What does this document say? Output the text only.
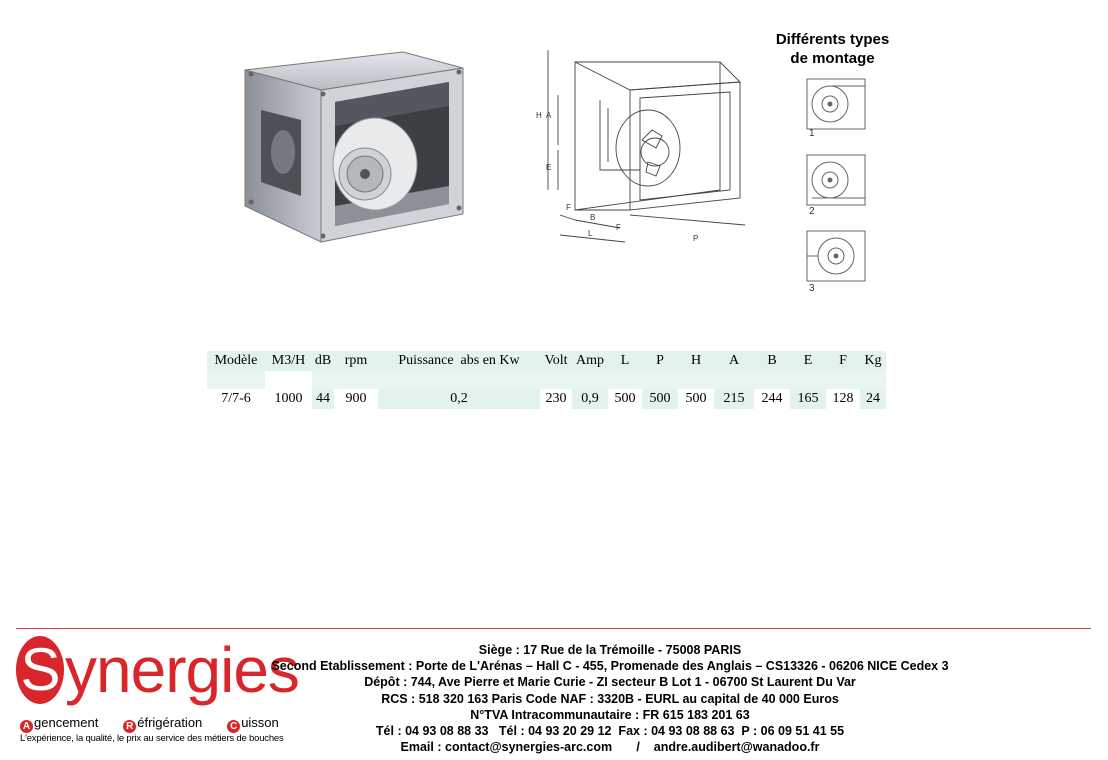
H A
E
F
B
F
L
P
Différents types
de montage
1
2
3
Modèle	M3/H	dB	rpm	Puissance  abs en Kw	Volt	Amp	L	P	H	A	B	E	F	Kg

7/7-6	1000	44	900	0,2	230	0,9	500	500	500	215	244	165	128	24
Synergies
A gencement	R éfrigération	C uisson
L'expérience, la qualité, le prix au service des métiers de bouches
Siège : 17 Rue de la Trémoille - 75008 PARIS
Second Etablissement : Porte de L'Arénas – Hall C - 455, Promenade des Anglais – CS13326 - 06206 NICE Cedex 3
Dépôt : 744, Ave Pierre et Marie Curie - ZI secteur B Lot 1 - 06700 St Laurent Du Var
RCS : 518 320 163 Paris Code NAF : 3320B - EURL au capital de 40 000 Euros
N°TVA Intracommunautaire : FR 615 183 201 63
Tél : 04 93 08 88 33   Tél : 04 93 20 29 12  Fax : 04 93 08 88 63  P : 06 09 51 41 55
Email : contact@synergies-arc.com       /    andre.audibert@wanadoo.fr
